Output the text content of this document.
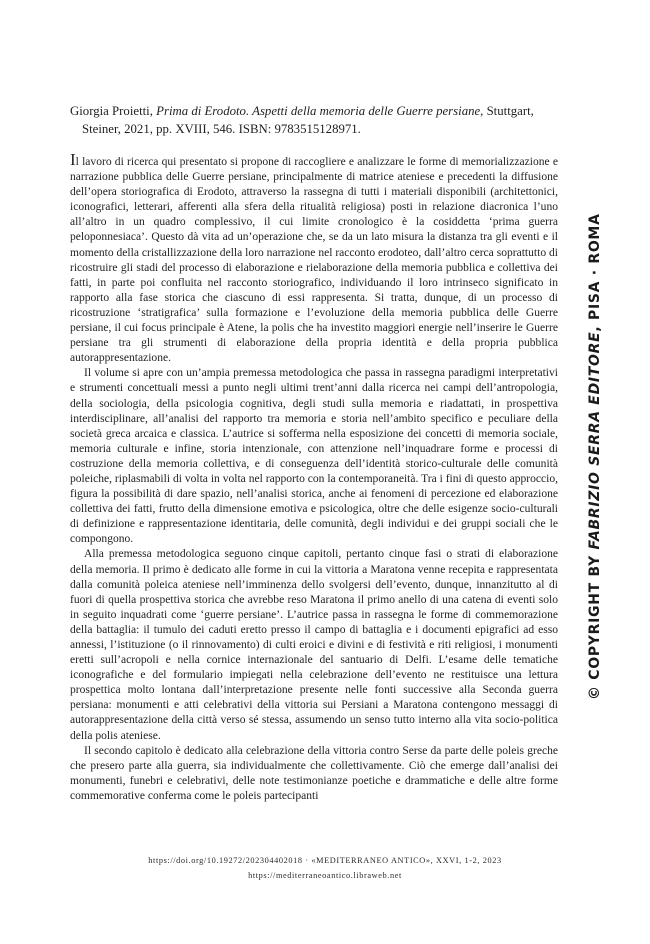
Giorgia Proietti, Prima di Erodoto. Aspetti della memoria delle Guerre persiane, Stuttgart, Steiner, 2021, pp. XVIII, 546. ISBN: 9783515128971.

Il lavoro di ricerca qui presentato si propone di raccogliere e analizzare le forme di memorializzazione e narrazione pubblica delle Guerre persiane, principalmente di matrice ateniese e precedenti la diffusione dell’opera storiografica di Erodoto, attraverso la rassegna di tutti i materiali disponibili (architettonici, iconografici, letterari, afferenti alla sfera della ritualità religiosa) posti in relazione diacronica l’uno all’altro in un quadro complessivo, il cui limite cronologico è la cosiddetta ‘prima guerra peloponnesiaca’. Questo dà vita ad un’operazione che, se da un lato misura la distanza tra gli eventi e il momento della cristallizzazione della loro narrazione nel racconto erodoteo, dall’altro cerca soprattutto di ricostruire gli stadi del processo di elaborazione e rielaborazione della memoria pubblica e collettiva dei fatti, in parte poi confluita nel racconto storiografico, individuando il loro intrinseco significato in rapporto alla fase storica che ciascuno di essi rappresenta. Si tratta, dunque, di un processo di ricostruzione ‘stratigrafica’ sulla formazione e l’evoluzione della memoria pubblica delle Guerre persiane, il cui focus principale è Atene, la polis che ha investito maggiori energie nell’inserire le Guerre persiane tra gli strumenti di elaborazione della propria identità e della propria pubblica autorappresentazione.

Il volume si apre con un’ampia premessa metodologica che passa in rassegna paradigmi interpretativi e strumenti concettuali messi a punto negli ultimi trent’anni dalla ricerca nei campi dell’antropologia, della sociologia, della psicologia cognitiva, degli studi sulla memoria e riadattati, in prospettiva interdisciplinare, all’analisi del rapporto tra memoria e storia nell’ambito specifico e peculiare della società greca arcaica e classica. L’autrice si sofferma nella esposizione dei concetti di memoria sociale, memoria culturale e infine, storia intenzionale, con attenzione nell’inquadrare forme e processi di costruzione della memoria collettiva, e di conseguenza dell’identità storico-culturale delle comunità poleiche, riplasmabili di volta in volta nel rapporto con la contemporaneità. Tra i fini di questo approccio, figura la possibilità di dare spazio, nell’analisi storica, anche ai fenomeni di percezione ed elaborazione collettiva dei fatti, frutto della dimensione emotiva e psicologica, oltre che delle esigenze socio-culturali di definizione e rappresentazione identitaria, delle comunità, degli individui e dei gruppi sociali che le compongono.

Alla premessa metodologica seguono cinque capitoli, pertanto cinque fasi o strati di elaborazione della memoria. Il primo è dedicato alle forme in cui la vittoria a Maratona venne recepita e rappresentata dalla comunità poleica ateniese nell’imminenza dello svolgersi dell’evento, dunque, innanzitutto al di fuori di quella prospettiva storica che avrebbe reso Maratona il primo anello di una catena di eventi solo in seguito inquadrati come ‘guerre persiane’. L’autrice passa in rassegna le forme di commemorazione della battaglia: il tumulo dei caduti eretto presso il campo di battaglia e i documenti epigrafici ad esso annessi, l’istituzione (o il rinnovamento) di culti eroici e divini e di festività e riti religiosi, i monumenti eretti sull’acropoli e nella cornice internazionale del santuario di Delfi. L’esame delle tematiche iconografiche e del formulario impiegati nella celebrazione dell’evento ne restituisce una lettura prospettica molto lontana dall’interpretazione presente nelle fonti successive alla Seconda guerra persiana: monumenti e atti celebrativi della vittoria sui Persiani a Maratona contengono messaggi di autorappresentazione della città verso sé stessa, assumendo un senso tutto interno alla vita socio-politica della polis ateniese.

Il secondo capitolo è dedicato alla celebrazione della vittoria contro Serse da parte delle poleis greche che presero parte alla guerra, sia individualmente che collettivamente. Ciò che emerge dall’analisi dei monumenti, funebri e celebrativi, delle note testimonianze poetiche e drammatiche e delle altre forme commemorative conferma come le poleis partecipanti

© COPYRIGHT BY FABRIZIO SERRA EDITORE, PISA · ROMA
https://doi.org/10.19272/202304402018 · «MEDITERRANEO ANTICO», XXVI, 1-2, 2023
https://mediterraneoantico.libraweb.net
